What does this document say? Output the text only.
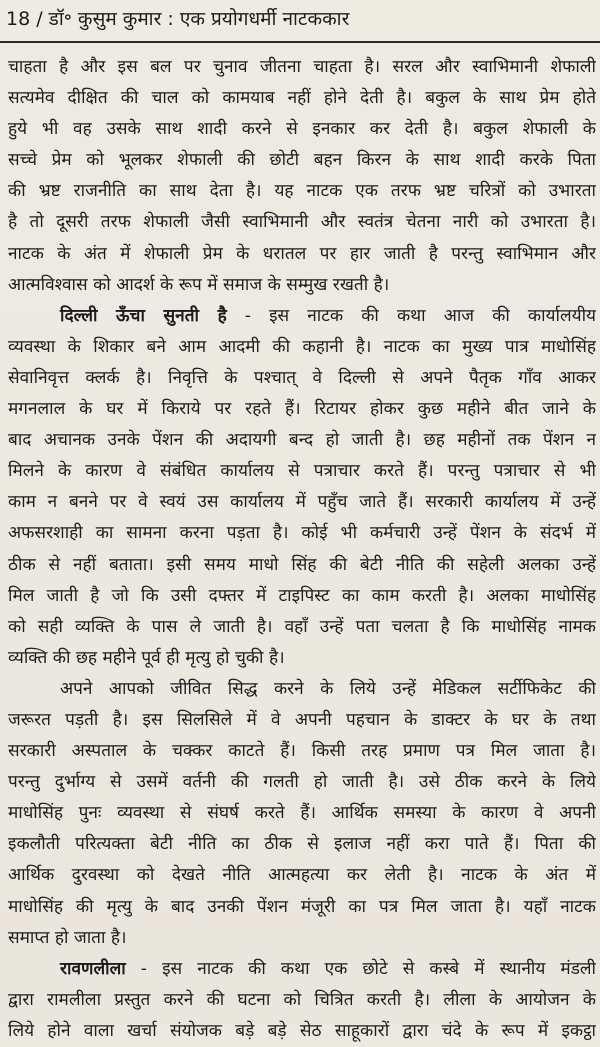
18 / डॉ॰ कुसुम कुमार : एक प्रयोगधर्मी नाटककार
चाहता है और इस बल पर चुनाव जीतना चाहता है। सरल और स्वाभिमानी शेफाली
सत्यमेव दीक्षित की चाल को कामयाब नहीं होने देती है। बकुल के साथ प्रेम होते
हुये भी वह उसके साथ शादी करने से इनकार कर देती है। बकुल शेफाली के
सच्चे प्रेम को भूलकर शेफाली की छोटी बहन किरन के साथ शादी करके पिता
की भ्रष्ट राजनीति का साथ देता है। यह नाटक एक तरफ भ्रष्ट चरित्रों को उभारता
है तो दूसरी तरफ शेफाली जैसी स्वाभिमानी और स्वतंत्र चेतना नारी को उभारता है।
नाटक के अंत में शेफाली प्रेम के धरातल पर हार जाती है परन्तु स्वाभिमान और
आत्मविश्वास को आदर्श के रूप में समाज के सम्मुख रखती है।
दिल्ली ऊँचा सुनती है - इस नाटक की कथा आज की कार्यालयीय
व्यवस्था के शिकार बने आम आदमी की कहानी है। नाटक का मुख्य पात्र माधोसिंह
सेवानिवृत्त क्लर्क है। निवृत्ति के पश्चात् वे दिल्ली से अपने पैतृक गाँव आकर
मगनलाल के घर में किराये पर रहते हैं। रिटायर होकर कुछ महीने बीत जाने के
बाद अचानक उनके पेंशन की अदायगी बन्द हो जाती है। छह महीनों तक पेंशन न
मिलने के कारण वे संबंधित कार्यालय से पत्राचार करते हैं। परन्तु पत्राचार से भी
काम न बनने पर वे स्वयं उस कार्यालय में पहुँच जाते हैं। सरकारी कार्यालय में उन्हें
अफसरशाही का सामना करना पड़ता है। कोई भी कर्मचारी उन्हें पेंशन के संदर्भ में
ठीक से नहीं बताता। इसी समय माधो सिंह की बेटी नीति की सहेली अलका उन्हें
मिल जाती है जो कि उसी दफ्तर में टाइपिस्ट का काम करती है। अलका माधोसिंह
को सही व्यक्ति के पास ले जाती है। वहाँ उन्हें पता चलता है कि माधोसिंह नामक
व्यक्ति की छह महीने पूर्व ही मृत्यु हो चुकी है।
अपने आपको जीवित सिद्ध करने के लिये उन्हें मेडिकल सर्टीफिकेट की
जरूरत पड़ती है। इस सिलसिले में वे अपनी पहचान के डाक्टर के घर के तथा
सरकारी अस्पताल के चक्कर काटते हैं। किसी तरह प्रमाण पत्र मिल जाता है।
परन्तु दुर्भाग्य से उसमें वर्तनी की गलती हो जाती है। उसे ठीक करने के लिये
माधोसिंह पुनः व्यवस्था से संघर्ष करते हैं। आर्थिक समस्या के कारण वे अपनी
इकलौती परित्यक्ता बेटी नीति का ठीक से इलाज नहीं करा पाते हैं। पिता की
आर्थिक दुरवस्था को देखते नीति आत्महत्या कर लेती है। नाटक के अंत में
माधोसिंह की मृत्यु के बाद उनकी पेंशन मंजूरी का पत्र मिल जाता है। यहाँ नाटक
समाप्त हो जाता है।
रावणलीला - इस नाटक की कथा एक छोटे से कस्बे में स्थानीय मंडली
द्वारा रामलीला प्रस्तुत करने की घटना को चित्रित करती है। लीला के आयोजन के
लिये होने वाला खर्चा संयोजक बड़े बड़े सेठ साहूकारों द्वारा चंदे के रूप में इकट्ठा
